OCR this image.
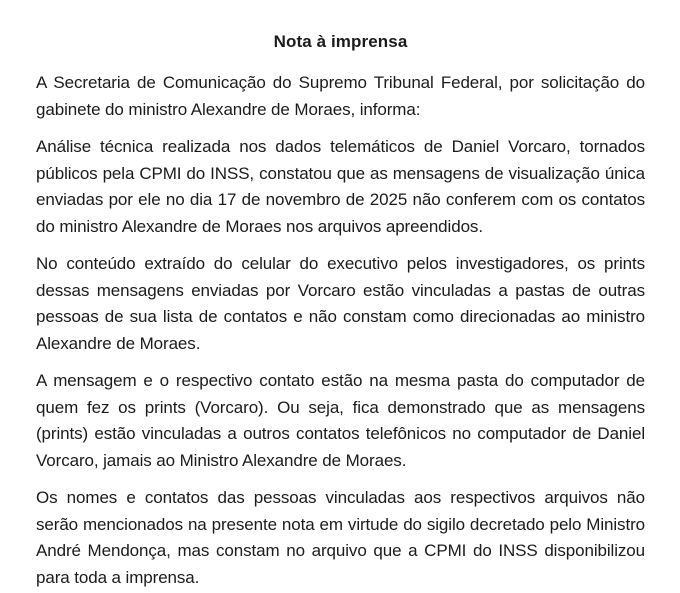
Nota à imprensa

A Secretaria de Comunicação do Supremo Tribunal Federal, por solicitação do gabinete do ministro Alexandre de Moraes, informa:

Análise técnica realizada nos dados telemáticos de Daniel Vorcaro, tornados públicos pela CPMI do INSS, constatou que as mensagens de visualização única enviadas por ele no dia 17 de novembro de 2025 não conferem com os contatos do ministro Alexandre de Moraes nos arquivos apreendidos.

No conteúdo extraído do celular do executivo pelos investigadores, os prints dessas mensagens enviadas por Vorcaro estão vinculadas a pastas de outras pessoas de sua lista de contatos e não constam como direcionadas ao ministro Alexandre de Moraes.

A mensagem e o respectivo contato estão na mesma pasta do computador de quem fez os prints (Vorcaro). Ou seja, fica demonstrado que as mensagens (prints) estão vinculadas a outros contatos telefônicos no computador de Daniel Vorcaro, jamais ao Ministro Alexandre de Moraes.

Os nomes e contatos das pessoas vinculadas aos respectivos arquivos não serão mencionados na presente nota em virtude do sigilo decretado pelo Ministro André Mendonça, mas constam no arquivo que a CPMI do INSS disponibilizou para toda a imprensa.
